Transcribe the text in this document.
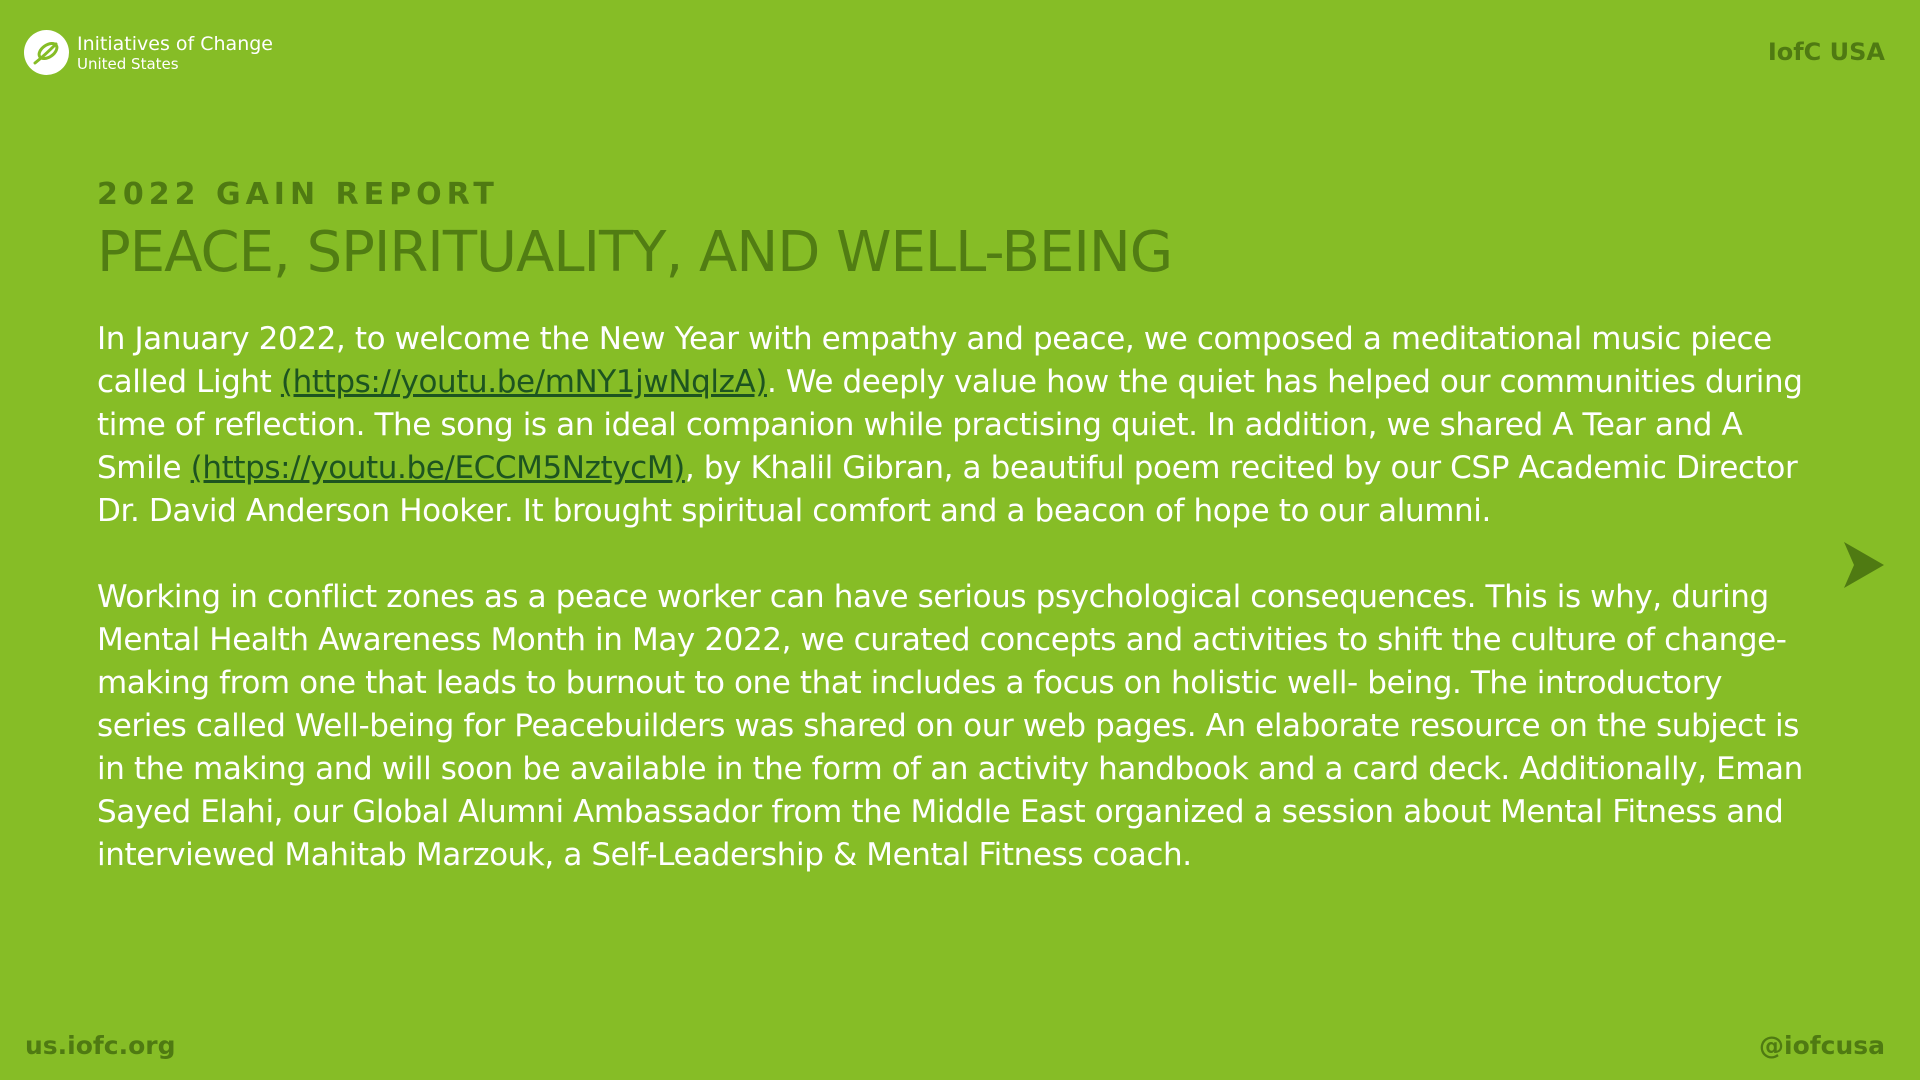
Initiatives of Change
United States	IofC USA
2022 GAIN REPORT
PEACE, SPIRITUALITY, AND WELL-BEING

In January 2022, to welcome the New Year with empathy and peace, we composed a meditational music piece called Light (https://youtu.be/mNY1jwNqlzA). We deeply value how the quiet has helped our communities during time of reflection. The song is an ideal companion while practising quiet. In addition, we shared A Tear and A Smile (https://youtu.be/ECCM5NztycM), by Khalil Gibran, a beautiful poem recited by our CSP Academic Director Dr. David Anderson Hooker. It brought spiritual comfort and a beacon of hope to our alumni.

Working in conflict zones as a peace worker can have serious psychological consequences. This is why, during Mental Health Awareness Month in May 2022, we curated concepts and activities to shift the culture of change-making from one that leads to burnout to one that includes a focus on holistic well- being. The introductory series called Well-being for Peacebuilders was shared on our web pages. An elaborate resource on the subject is in the making and will soon be available in the form of an activity handbook and a card deck. Additionally, Eman Sayed Elahi, our Global Alumni Ambassador from the Middle East organized a session about Mental Fitness and interviewed Mahitab Marzouk, a Self-Leadership & Mental Fitness coach.

us.iofc.org	@iofcusa
